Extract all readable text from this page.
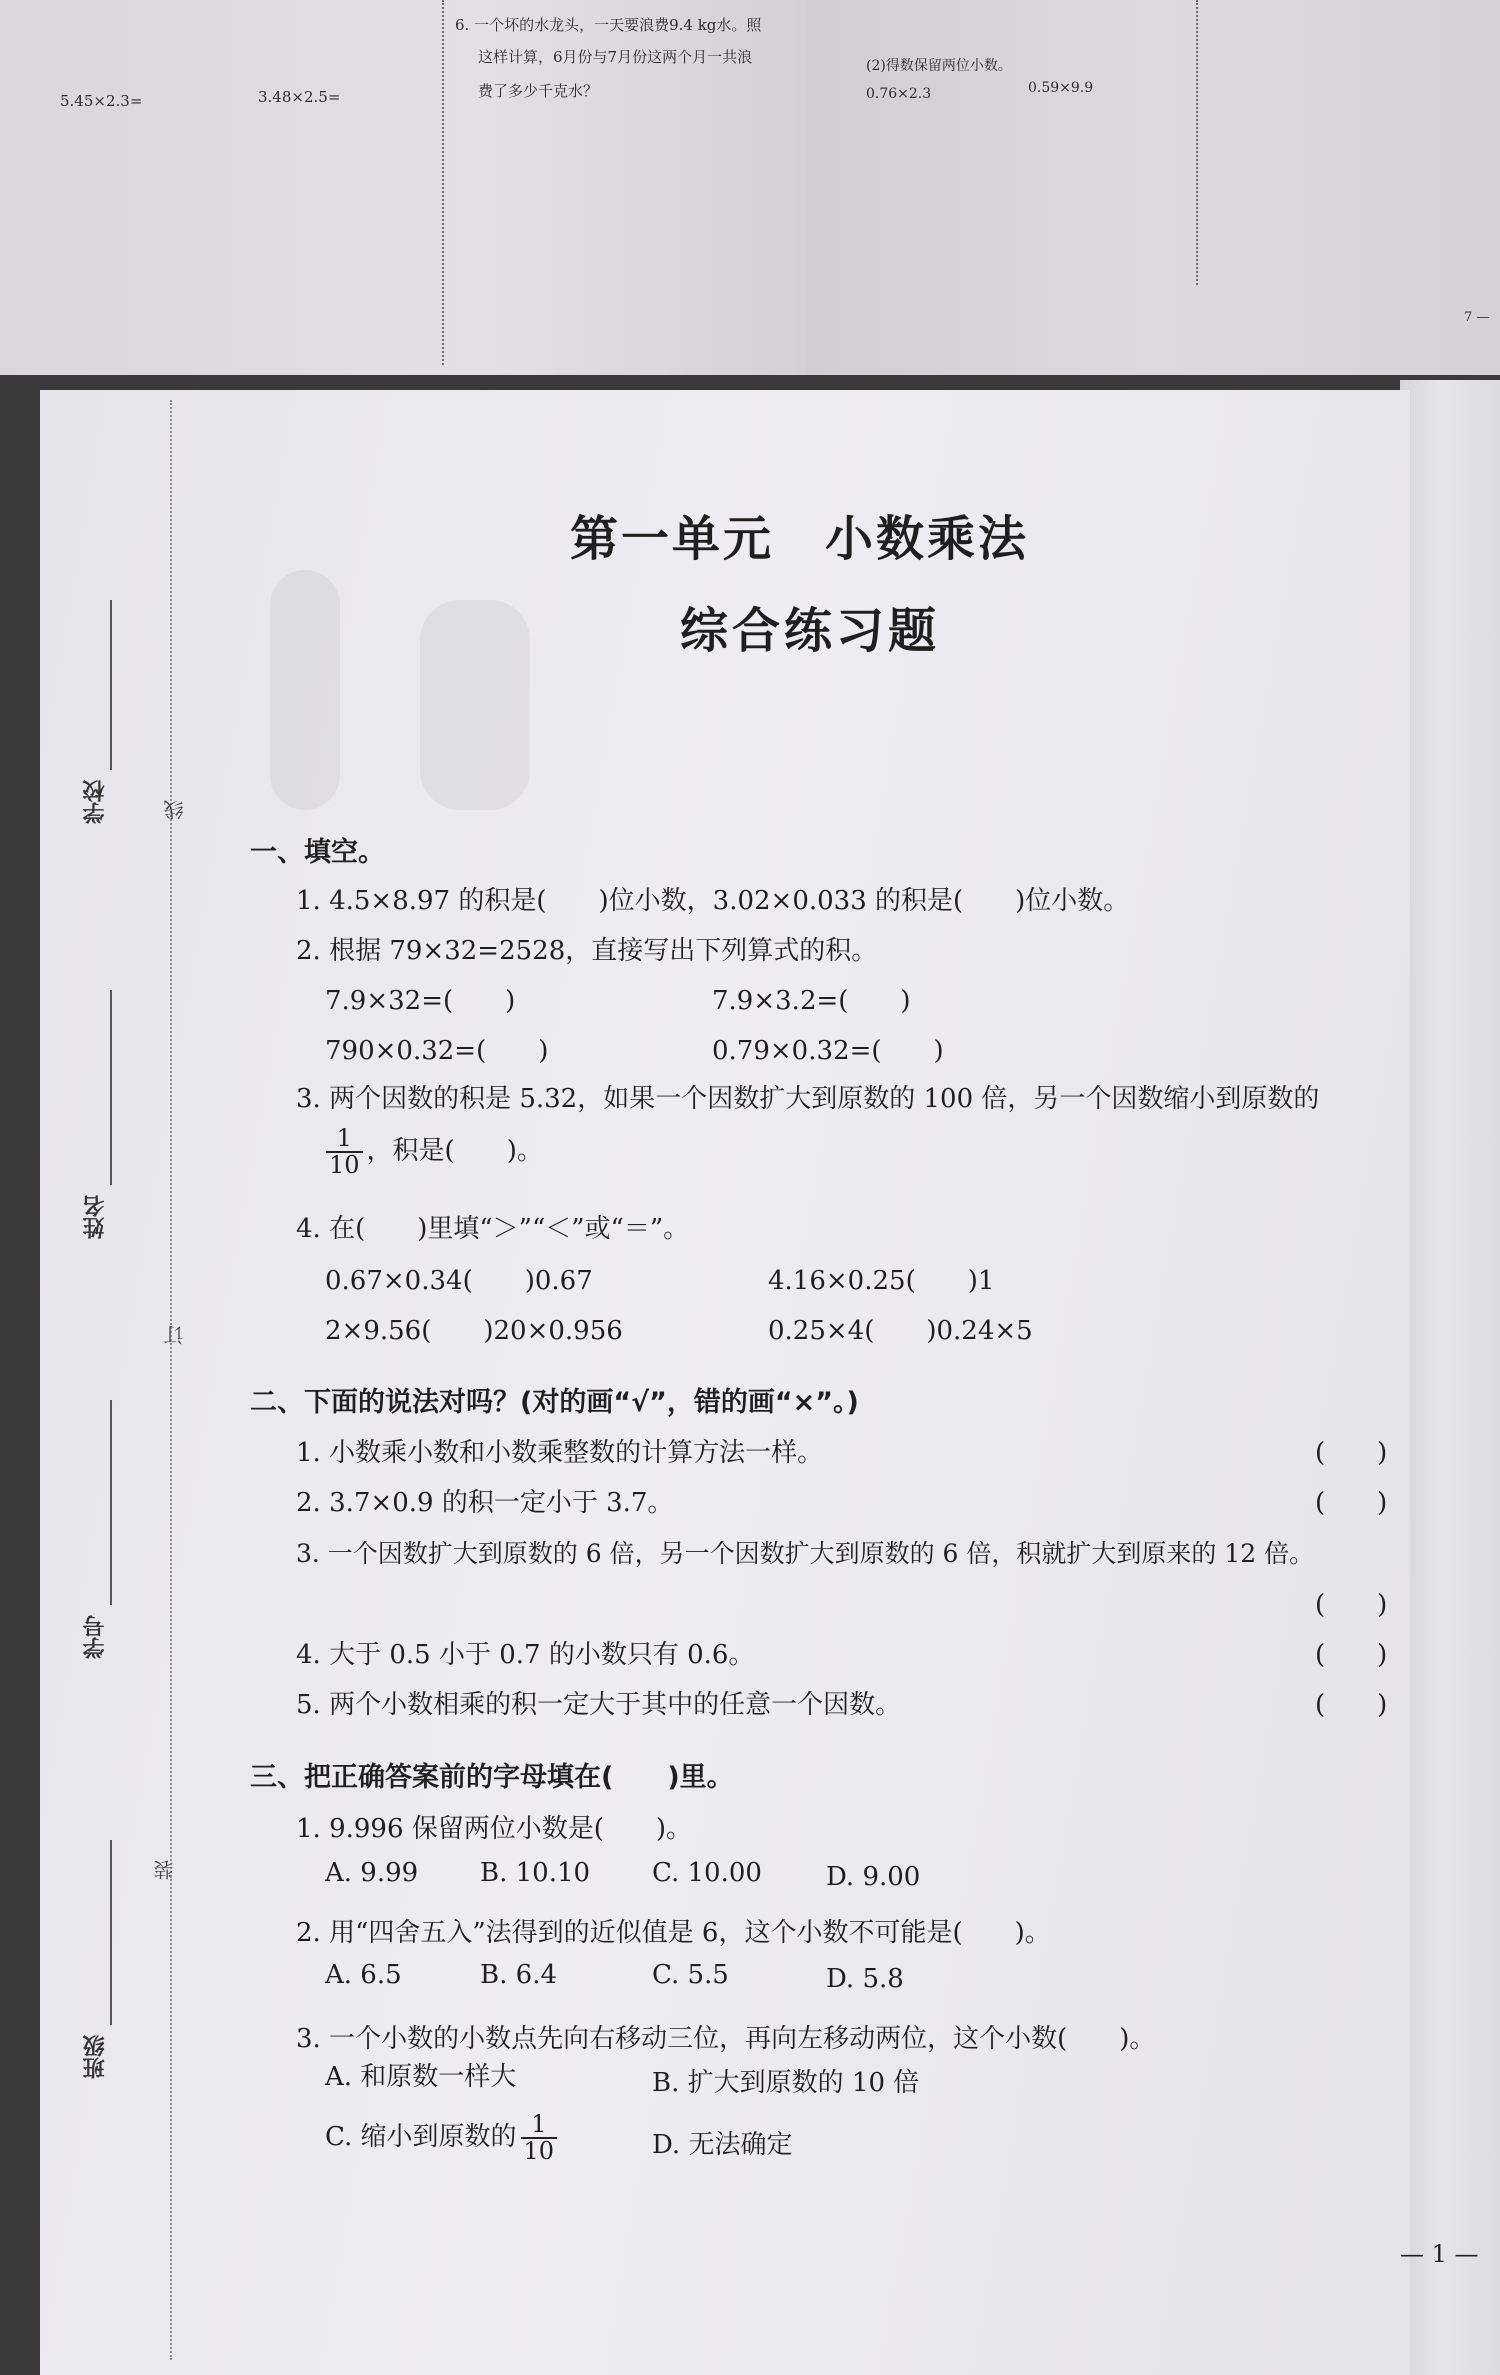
5.45×2.3=	3.48×2.5=
6. 一个坏的水龙头，一天要浪费9.4 kg水。照
这样计算，6月份与7月份这两个月一共浪
费了多少千克水？
(2)得数保留两位小数。
0.76×2.3	0.59×9.9
7 —
学校
姓名
学号
班级
线
订
装
第一单元　小数乘法
综合练习题
一、填空。
1. 4.5×8.97 的积是(　　)位小数，3.02×0.033 的积是(　　)位小数。
2. 根据 79×32=2528，直接写出下列算式的积。
7.9×32=(　　)	7.9×3.2=(　　)
790×0.32=(　　)	0.79×0.32=(　　)
3. 两个因数的积是 5.32，如果一个因数扩大到原数的 100 倍，另一个因数缩小到原数的
$\frac{1}{10}$ ，积是(　　)。
4. 在(　　)里填“＞”“＜”或“＝”。
0.67×0.34(　　)0.67	4.16×0.25(　　)1
2×9.56(　　)20×0.956	0.25×4(　　)0.24×5
二、下面的说法对吗？(对的画“√”，错的画“×”。)
1. 小数乘小数和小数乘整数的计算方法一样。	(　　)
2. 3.7×0.9 的积一定小于 3.7。	(　　)
3. 一个因数扩大到原数的 6 倍，另一个因数扩大到原数的 6 倍，积就扩大到原来的 12 倍。
(　　)
4. 大于 0.5 小于 0.7 的小数只有 0.6。	(　　)
5. 两个小数相乘的积一定大于其中的任意一个因数。	(　　)
三、把正确答案前的字母填在(　　)里。
1. 9.996 保留两位小数是(　　)。
A. 9.99 B. 10.10 C. 10.00 D. 9.00
2. 用“四舍五入”法得到的近似值是 6，这个小数不可能是(　　)。
A. 6.5	B. 6.4	C. 5.5	D. 5.8
3. 一个小数的小数点先向右移动三位，再向左移动两位，这个小数(　　)。
A. 和原数一样大	B. 扩大到原数的 10 倍
C. 缩小到原数的 $\frac{1}{10}$	D. 无法确定
— 1 —
